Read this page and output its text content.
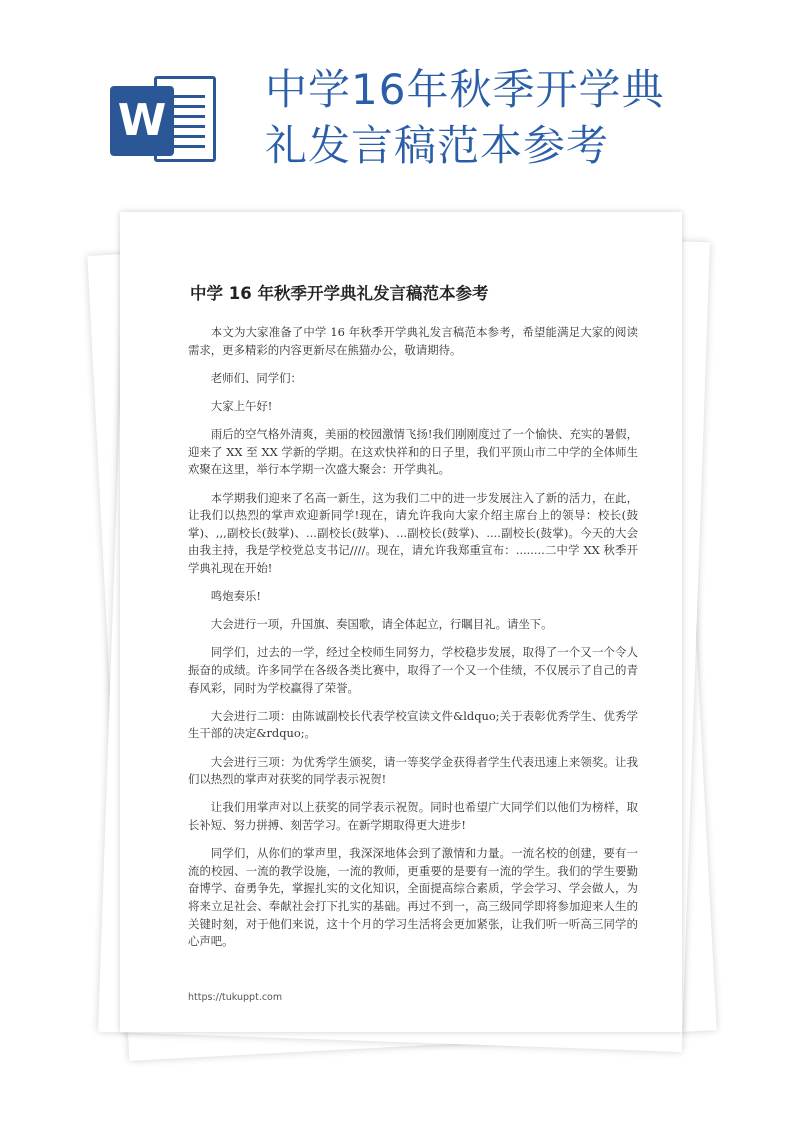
W
中学16年秋季开学典礼发言稿范本参考
中学 16 年秋季开学典礼发言稿范本参考

本文为大家准备了中学 16 年秋季开学典礼发言稿范本参考，希望能满足大家的阅读需求，更多精彩的内容更新尽在熊猫办公，敬请期待。

老师们、同学们：

大家上午好!

雨后的空气格外清爽，美丽的校园激情飞扬!我们刚刚度过了一个愉快、充实的暑假，迎来了 XX 至 XX 学新的学期。在这欢快祥和的日子里，我们平顶山市二中学的全体师生欢聚在这里，举行本学期一次盛大聚会：开学典礼。

本学期我们迎来了名高一新生，这为我们二中的进一步发展注入了新的活力，在此，让我们以热烈的掌声欢迎新同学!现在，请允许我向大家介绍主席台上的领导：校长(鼓掌)、,,,副校长(鼓掌)、...副校长(鼓掌)、...副校长(鼓掌)、....副校长(鼓掌)。今天的大会由我主持，我是学校党总支书记////。现在，请允许我郑重宣布：........二中学 XX 秋季开学典礼现在开始!

鸣炮奏乐!

大会进行一项，升国旗、奏国歌，请全体起立，行瞩目礼。请坐下。

同学们，过去的一学，经过全校师生同努力，学校稳步发展，取得了一个又一个令人振奋的成绩。许多同学在各级各类比赛中，取得了一个又一个佳绩，不仅展示了自己的青春风彩，同时为学校赢得了荣誉。

大会进行二项：由陈诚副校长代表学校宣读文件&ldquo;关于表彰优秀学生、优秀学生干部的决定&rdquo;。

大会进行三项：为优秀学生颁奖，请一等奖学金获得者学生代表迅速上来领奖。让我们以热烈的掌声对获奖的同学表示祝贺!

让我们用掌声对以上获奖的同学表示祝贺。同时也希望广大同学们以他们为榜样，取长补短、努力拼搏、刻苦学习。在新学期取得更大进步!

同学们，从你们的掌声里，我深深地体会到了激情和力量。一流名校的创建，要有一流的校园、一流的教学设施，一流的教师，更重要的是要有一流的学生。我们的学生要勤奋博学、奋勇争先，掌握扎实的文化知识，全面提高综合素质，学会学习、学会做人，为将来立足社会、奉献社会打下扎实的基础。再过不到一，高三级同学即将参加迎来人生的关键时刻，对于他们来说，这十个月的学习生活将会更加紧张，让我们听一听高三同学的心声吧。

https://tukuppt.com
